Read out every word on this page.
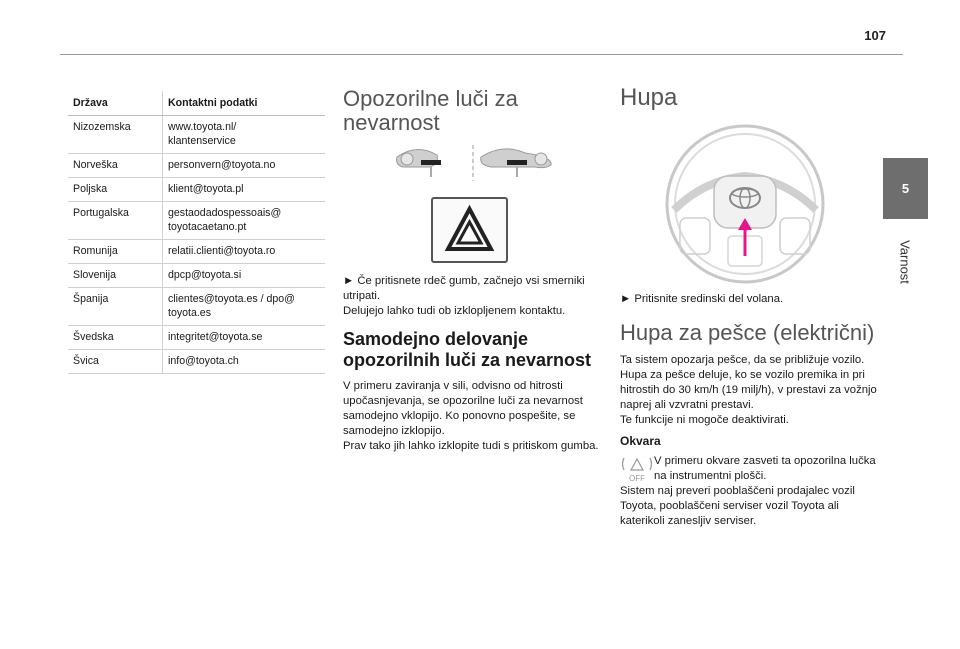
107
5
Varnost
Država	Kontaktni podatki
Nizozemska	www.toyota.nl/
klantenservice
Norveška	personvern@toyota.no
Poljska	klient@toyota.pl
Portugalska	gestaodadospessoais@
toyotacaetano.pt
Romunija	relatii.clienti@toyota.ro
Slovenija	dpcp@toyota.si
Španija	clientes@toyota.es / dpo@
toyota.es
Švedska	integritet@toyota.se
Švica	info@toyota.ch
Opozorilne luči za nevarnost

► Če pritisnete rdeč gumb, začnejo vsi smerniki utripati.

Delujejo lahko tudi ob izklopljenem kontaktu.

Samodejno delovanje opozorilnih luči za nevarnost

V primeru zaviranja v sili, odvisno od hitrosti upočasnjevanja, se opozorilne luči za nevarnost samodejno vklopijo. Ko ponovno pospešite, se samodejno izklopijo.

Prav tako jih lahko izklopite tudi s pritiskom gumba.

Hupa

► Pritisnite sredinski del volana.

Hupa za pešce (električni)

Ta sistem opozarja pešce, da se približuje vozilo.

Hupa za pešce deluje, ko se vozilo premika in pri hitrostih do 30 km/h (19 milj/h), v prestavi za vožnjo naprej ali vzvratni prestavi.

Te funkcije ni mogoče deaktivirati.

Okvara
OFF

V primeru okvare zasveti ta opozorilna lučka na instrumentni plošči.

Sistem naj preveri pooblaščeni prodajalec vozil Toyota, pooblaščeni serviser vozil Toyota ali katerikoli zanesljiv serviser.
